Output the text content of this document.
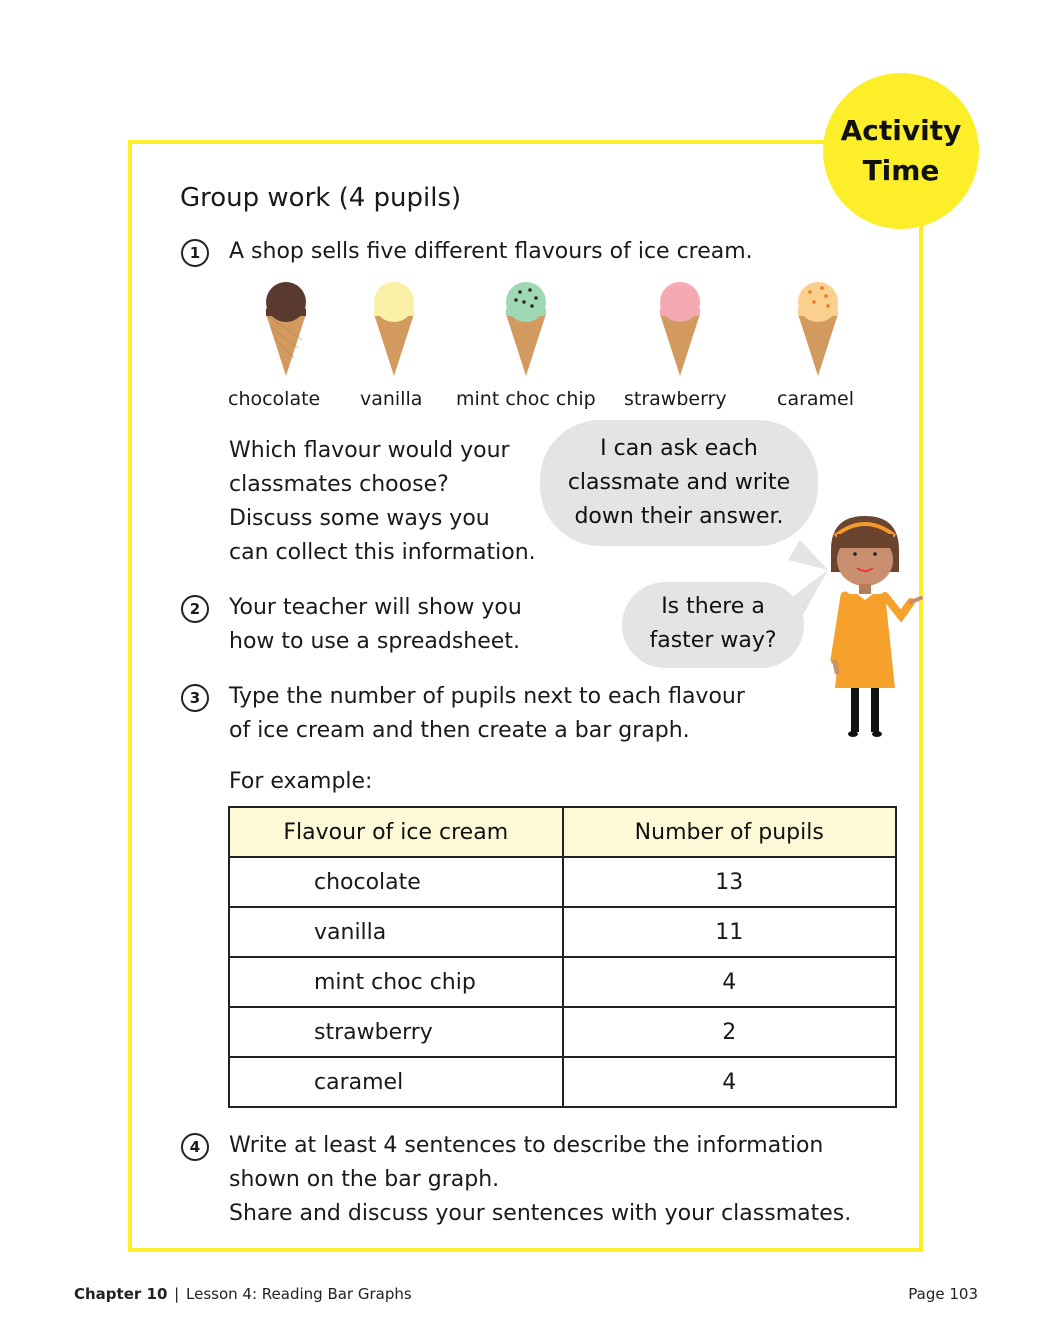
Activity
Time
Group work (4 pupils)
1	A shop sells five different flavours of ice cream.
chocolate vanilla mint choc chip strawberry	caramel
Which flavour would your
classmates choose?
Discuss some ways you
can collect this information.
I can ask each
classmate and write
down their answer.
Is there a
faster way?
2	Your teacher will show you
how to use a spreadsheet.
3	Type the number of pupils next to each flavour
of ice cream and then create a bar graph.
For example:
Flavour of ice cream	Number of pupils
chocolate	13
vanilla	11
mint choc chip	4
strawberry	2
caramel	4
4	Write at least 4 sentences to describe the information
shown on the bar graph.
Share and discuss your sentences with your classmates.
Chapter 10 | Lesson 4: Reading Bar Graphs	Page 103
